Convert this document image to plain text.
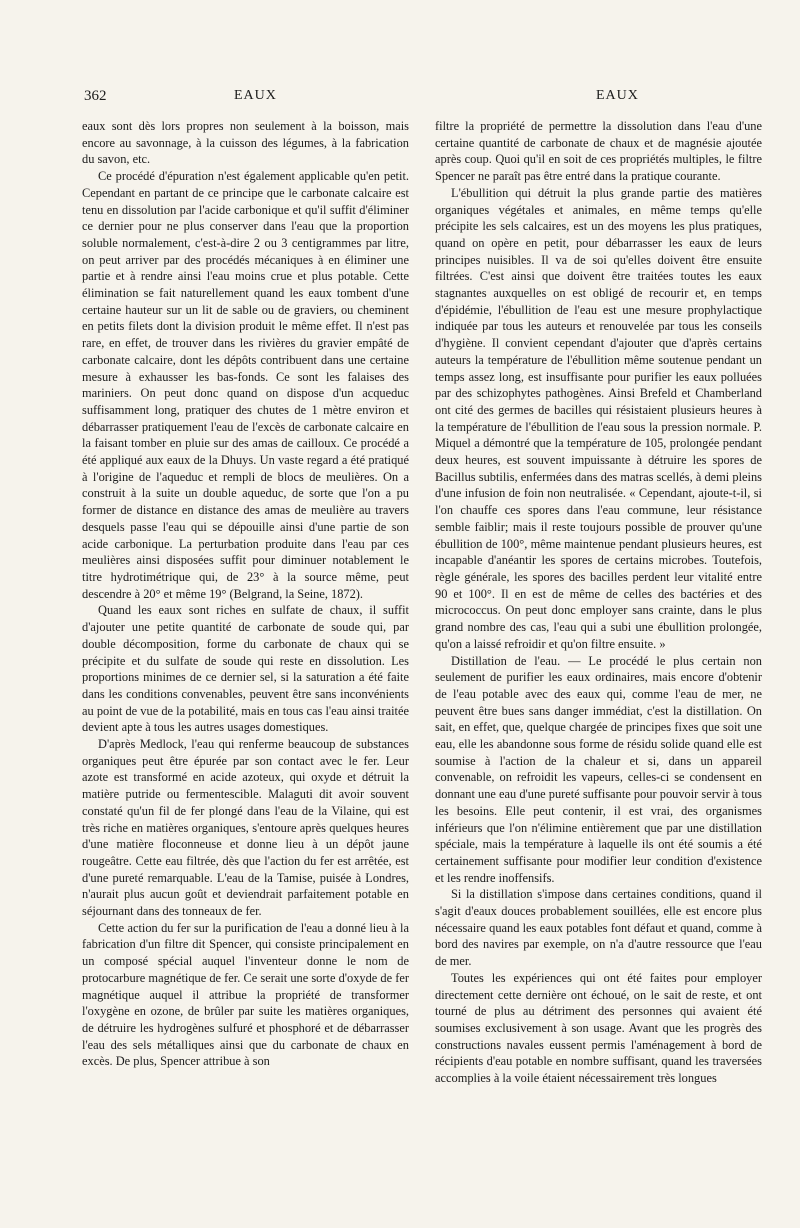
362	EAUX	EAUX

eaux sont dès lors propres non seulement à la boisson, mais encore au savonnage, à la cuisson des légumes, à la fabrication du savon, etc.

Ce procédé d'épuration n'est également applicable qu'en petit. Cependant en partant de ce principe que le carbonate calcaire est tenu en dissolution par l'acide carbonique et qu'il suffit d'éliminer ce dernier pour ne plus conserver dans l'eau que la proportion soluble normalement, c'est-à-dire 2 ou 3 centigrammes par litre, on peut arriver par des procédés mécaniques à en éliminer une partie et à rendre ainsi l'eau moins crue et plus potable. Cette élimination se fait naturellement quand les eaux tombent d'une certaine hauteur sur un lit de sable ou de graviers, ou cheminent en petits filets dont la division produit le même effet. Il n'est pas rare, en effet, de trouver dans les rivières du gravier empâté de carbonate calcaire, dont les dépôts contribuent dans une certaine mesure à exhausser les bas-fonds. Ce sont les falaises des mariniers. On peut donc quand on dispose d'un acqueduc suffisamment long, pratiquer des chutes de 1 mètre environ et débarrasser pratiquement l'eau de l'excès de carbonate calcaire en la faisant tomber en pluie sur des amas de cailloux. Ce procédé a été appliqué aux eaux de la Dhuys. Un vaste regard a été pratiqué à l'origine de l'aqueduc et rempli de blocs de meulières. On a construit à la suite un double aqueduc, de sorte que l'on a pu former de distance en distance des amas de meulière au travers desquels passe l'eau qui se dépouille ainsi d'une partie de son acide carbonique. La perturbation produite dans l'eau par ces meulières ainsi disposées suffit pour diminuer notablement le titre hydrotimétrique qui, de 23° à la source même, peut descendre à 20° et même 19° (Belgrand, la Seine, 1872).

Quand les eaux sont riches en sulfate de chaux, il suffit d'ajouter une petite quantité de carbonate de soude qui, par double décomposition, forme du carbonate de chaux qui se précipite et du sulfate de soude qui reste en dissolution. Les proportions minimes de ce dernier sel, si la saturation a été faite dans les conditions convenables, peuvent être sans inconvénients au point de vue de la potabilité, mais en tous cas l'eau ainsi traitée devient apte à tous les autres usages domestiques.

D'après Medlock, l'eau qui renferme beaucoup de substances organiques peut être épurée par son contact avec le fer. Leur azote est transformé en acide azoteux, qui oxyde et détruit la matière putride ou fermentescible. Malaguti dit avoir souvent constaté qu'un fil de fer plongé dans l'eau de la Vilaine, qui est très riche en matières organiques, s'entoure après quelques heures d'une matière floconneuse et donne lieu à un dépôt jaune rougeâtre. Cette eau filtrée, dès que l'action du fer est arrêtée, est d'une pureté remarquable. L'eau de la Tamise, puisée à Londres, n'aurait plus aucun goût et deviendrait parfaitement potable en séjournant dans des tonneaux de fer.

Cette action du fer sur la purification de l'eau a donné lieu à la fabrication d'un filtre dit Spencer, qui consiste principalement en un composé spécial auquel l'inventeur donne le nom de protocarbure magnétique de fer. Ce serait une sorte d'oxyde de fer magnétique auquel il attribue la propriété de transformer l'oxygène en ozone, de brûler par suite les matières organiques, de détruire les hydrogènes sulfuré et phosphoré et de débarrasser l'eau des sels métalliques ainsi que du carbonate de chaux en excès. De plus, Spencer attribue à son

filtre la propriété de permettre la dissolution dans l'eau d'une certaine quantité de carbonate de chaux et de magnésie ajoutée après coup. Quoi qu'il en soit de ces propriétés multiples, le filtre Spencer ne paraît pas être entré dans la pratique courante.

L'ébullition qui détruit la plus grande partie des matières organiques végétales et animales, en même temps qu'elle précipite les sels calcaires, est un des moyens les plus pratiques, quand on opère en petit, pour débarrasser les eaux de leurs principes nuisibles. Il va de soi qu'elles doivent être ensuite filtrées. C'est ainsi que doivent être traitées toutes les eaux stagnantes auxquelles on est obligé de recourir et, en temps d'épidémie, l'ébullition de l'eau est une mesure prophylactique indiquée par tous les auteurs et renouvelée par tous les conseils d'hygiène. Il convient cependant d'ajouter que d'après certains auteurs la température de l'ébullition même soutenue pendant un temps assez long, est insuffisante pour purifier les eaux polluées par des schizophytes pathogènes. Ainsi Brefeld et Chamberland ont cité des germes de bacilles qui résistaient plusieurs heures à la température de l'ébullition de l'eau sous la pression normale. P. Miquel a démontré que la température de 105, prolongée pendant deux heures, est souvent impuissante à détruire les spores de Bacillus subtilis, enfermées dans des matras scellés, à demi pleins d'une infusion de foin non neutralisée. « Cependant, ajoute-t-il, si l'on chauffe ces spores dans l'eau commune, leur résistance semble faiblir; mais il reste toujours possible de prouver qu'une ébullition de 100°, même maintenue pendant plusieurs heures, est incapable d'anéantir les spores de certains microbes. Toutefois, règle générale, les spores des bacilles perdent leur vitalité entre 90 et 100°. Il en est de même de celles des bactéries et des micrococcus. On peut donc employer sans crainte, dans le plus grand nombre des cas, l'eau qui a subi une ébullition prolongée, qu'on a laissé refroidir et qu'on filtre ensuite. »

Distillation de l'eau. — Le procédé le plus certain non seulement de purifier les eaux ordinaires, mais encore d'obtenir de l'eau potable avec des eaux qui, comme l'eau de mer, ne peuvent être bues sans danger immédiat, c'est la distillation. On sait, en effet, que, quelque chargée de principes fixes que soit une eau, elle les abandonne sous forme de résidu solide quand elle est soumise à l'action de la chaleur et si, dans un appareil convenable, on refroidit les vapeurs, celles-ci se condensent en donnant une eau d'une pureté suffisante pour pouvoir servir à tous les besoins. Elle peut contenir, il est vrai, des organismes inférieurs que l'on n'élimine entièrement que par une distillation spéciale, mais la température à laquelle ils ont été soumis a été certainement suffisante pour modifier leur condition d'existence et les rendre inoffensifs.

Si la distillation s'impose dans certaines conditions, quand il s'agit d'eaux douces probablement souillées, elle est encore plus nécessaire quand les eaux potables font défaut et quand, comme à bord des navires par exemple, on n'a d'autre ressource que l'eau de mer.

Toutes les expériences qui ont été faites pour employer directement cette dernière ont échoué, on le sait de reste, et ont tourné de plus au détriment des personnes qui avaient été soumises exclusivement à son usage. Avant que les progrès des constructions navales eussent permis l'aménagement à bord de récipients d'eau potable en nombre suffisant, quand les traversées accomplies à la voile étaient nécessairement très longues
